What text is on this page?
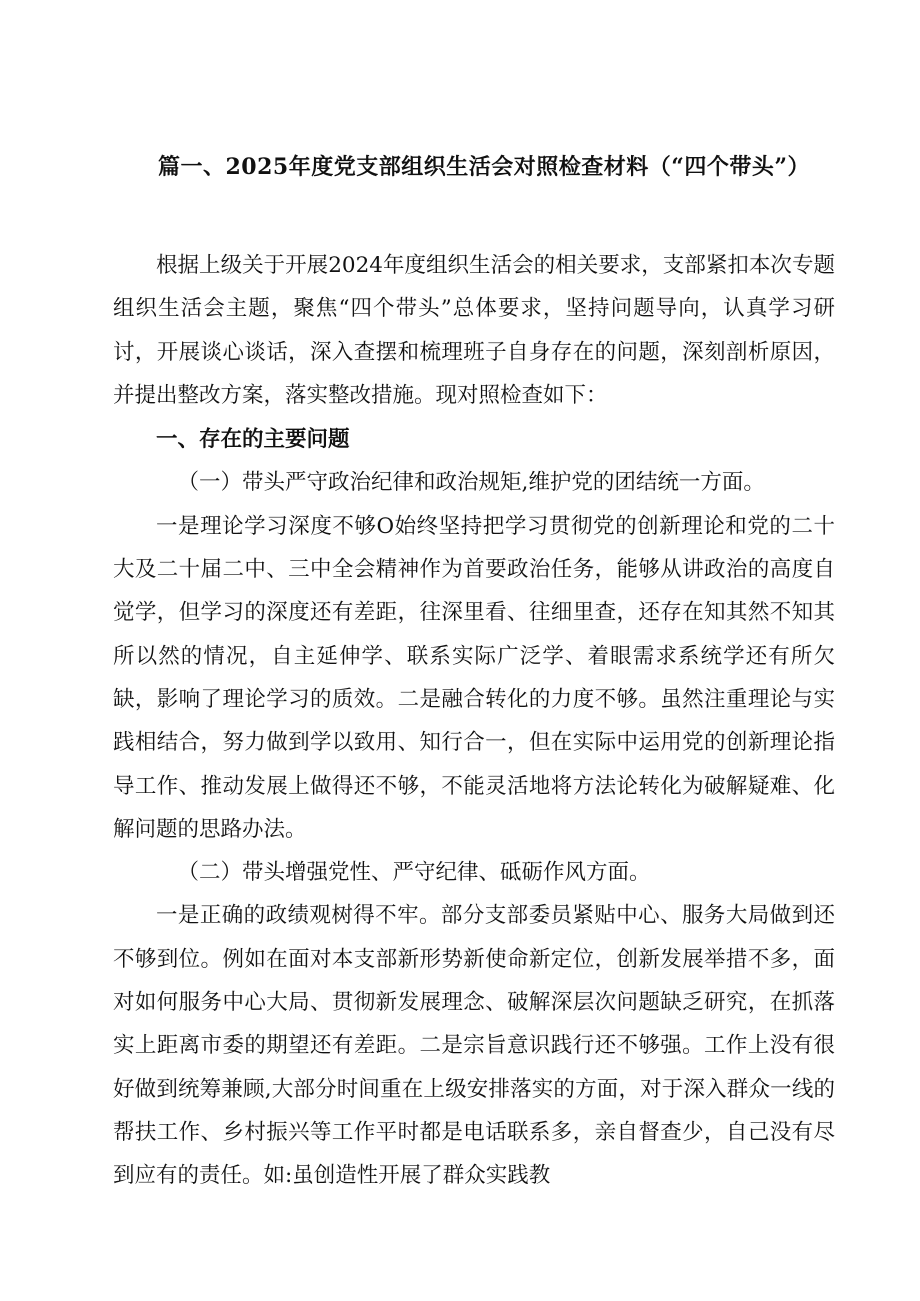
篇一、2025年度党支部组织生活会对照检查材料（“四个带头”）

根据上级关于开展2024年度组织生活会的相关要求，支部紧扣本次专题组织生活会主题，聚焦“四个带头”总体要求，坚持问题导向，认真学习研讨，开展谈心谈话，深入查摆和梳理班子自身存在的问题，深刻剖析原因，并提出整改方案，落实整改措施。现对照检查如下：

一、存在的主要问题

（一）带头严守政治纪律和政治规矩,维护党的团结统一方面。

一是理论学习深度不够O始终坚持把学习贯彻党的创新理论和党的二十大及二十届二中、三中全会精神作为首要政治任务，能够从讲政治的高度自觉学，但学习的深度还有差距，往深里看、往细里查，还存在知其然不知其所以然的情况，自主延伸学、联系实际广泛学、着眼需求系统学还有所欠缺，影响了理论学习的质效。二是融合转化的力度不够。虽然注重理论与实践相结合，努力做到学以致用、知行合一，但在实际中运用党的创新理论指导工作、推动发展上做得还不够，不能灵活地将方法论转化为破解疑难、化解问题的思路办法。

（二）带头增强党性、严守纪律、砥砺作风方面。

一是正确的政绩观树得不牢。部分支部委员紧贴中心、服务大局做到还不够到位。例如在面对本支部新形势新使命新定位，创新发展举措不多，面对如何服务中心大局、贯彻新发展理念、破解深层次问题缺乏研究，在抓落实上距离市委的期望还有差距。二是宗旨意识践行还不够强。工作上没有很好做到统筹兼顾,大部分时间重在上级安排落实的方面，对于深入群众一线的帮扶工作、乡村振兴等工作平时都是电话联系多，亲自督查少，自己没有尽到应有的责任。如:虽创造性开展了群众实践教
